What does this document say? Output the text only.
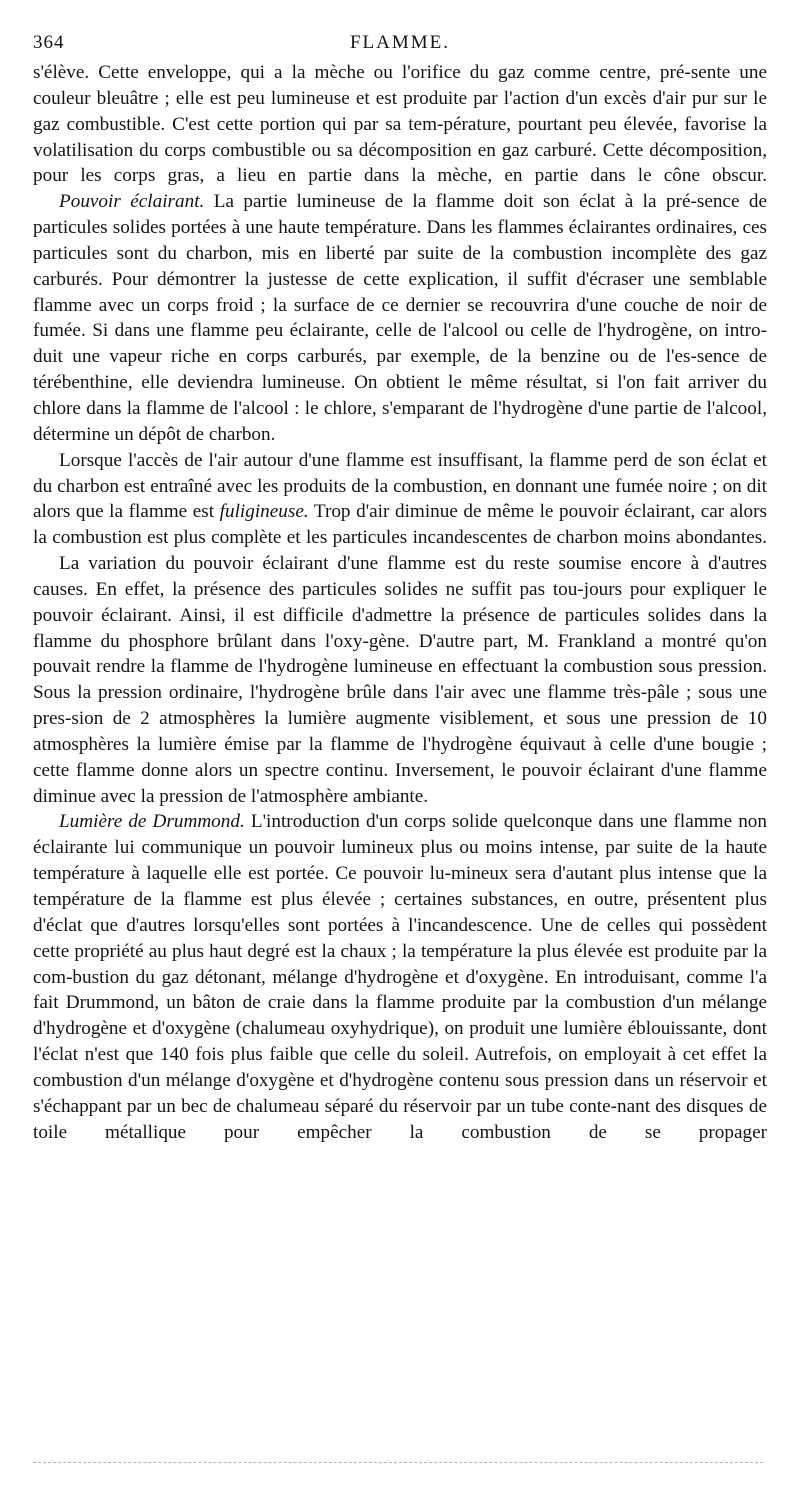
364	FLAMME.

s'élève. Cette enveloppe, qui a la mèche ou l'orifice du gaz comme centre, pré-sente une couleur bleuâtre ; elle est peu lumineuse et est produite par l'action d'un excès d'air pur sur le gaz combustible. C'est cette portion qui par sa tem-pérature, pourtant peu élevée, favorise la volatilisation du corps combustible ou sa décomposition en gaz carburé. Cette décomposition, pour les corps gras, a lieu en partie dans la mèche, en partie dans le cône obscur.

Pouvoir éclairant. La partie lumineuse de la flamme doit son éclat à la pré-sence de particules solides portées à une haute température. Dans les flammes éclairantes ordinaires, ces particules sont du charbon, mis en liberté par suite de la combustion incomplète des gaz carburés. Pour démontrer la justesse de cette explication, il suffit d'écraser une semblable flamme avec un corps froid ; la surface de ce dernier se recouvrira d'une couche de noir de fumée. Si dans une flamme peu éclairante, celle de l'alcool ou celle de l'hydrogène, on intro-duit une vapeur riche en corps carburés, par exemple, de la benzine ou de l'es-sence de térébenthine, elle deviendra lumineuse. On obtient le même résultat, si l'on fait arriver du chlore dans la flamme de l'alcool : le chlore, s'emparant de l'hydrogène d'une partie de l'alcool, détermine un dépôt de charbon.

Lorsque l'accès de l'air autour d'une flamme est insuffisant, la flamme perd de son éclat et du charbon est entraîné avec les produits de la combustion, en donnant une fumée noire ; on dit alors que la flamme est fuligineuse. Trop d'air diminue de même le pouvoir éclairant, car alors la combustion est plus complète et les particules incandescentes de charbon moins abondantes.

La variation du pouvoir éclairant d'une flamme est du reste soumise encore à d'autres causes. En effet, la présence des particules solides ne suffit pas tou-jours pour expliquer le pouvoir éclairant. Ainsi, il est difficile d'admettre la présence de particules solides dans la flamme du phosphore brûlant dans l'oxy-gène. D'autre part, M. Frankland a montré qu'on pouvait rendre la flamme de l'hydrogène lumineuse en effectuant la combustion sous pression. Sous la pression ordinaire, l'hydrogène brûle dans l'air avec une flamme très-pâle ; sous une pres-sion de 2 atmosphères la lumière augmente visiblement, et sous une pression de 10 atmosphères la lumière émise par la flamme de l'hydrogène équivaut à celle d'une bougie ; cette flamme donne alors un spectre continu. Inversement, le pouvoir éclairant d'une flamme diminue avec la pression de l'atmosphère ambiante.

Lumière de Drummond. L'introduction d'un corps solide quelconque dans une flamme non éclairante lui communique un pouvoir lumineux plus ou moins intense, par suite de la haute température à laquelle elle est portée. Ce pouvoir lu-mineux sera d'autant plus intense que la température de la flamme est plus élevée ; certaines substances, en outre, présentent plus d'éclat que d'autres lorsqu'elles sont portées à l'incandescence. Une de celles qui possèdent cette propriété au plus haut degré est la chaux ; la température la plus élevée est produite par la com-bustion du gaz détonant, mélange d'hydrogène et d'oxygène. En introduisant, comme l'a fait Drummond, un bâton de craie dans la flamme produite par la combustion d'un mélange d'hydrogène et d'oxygène (chalumeau oxyhydrique), on produit une lumière éblouissante, dont l'éclat n'est que 140 fois plus faible que celle du soleil. Autrefois, on employait à cet effet la combustion d'un mélange d'oxygène et d'hydrogène contenu sous pression dans un réservoir et s'échappant par un bec de chalumeau séparé du réservoir par un tube conte-nant des disques de toile métallique pour empêcher la combustion de se propager
